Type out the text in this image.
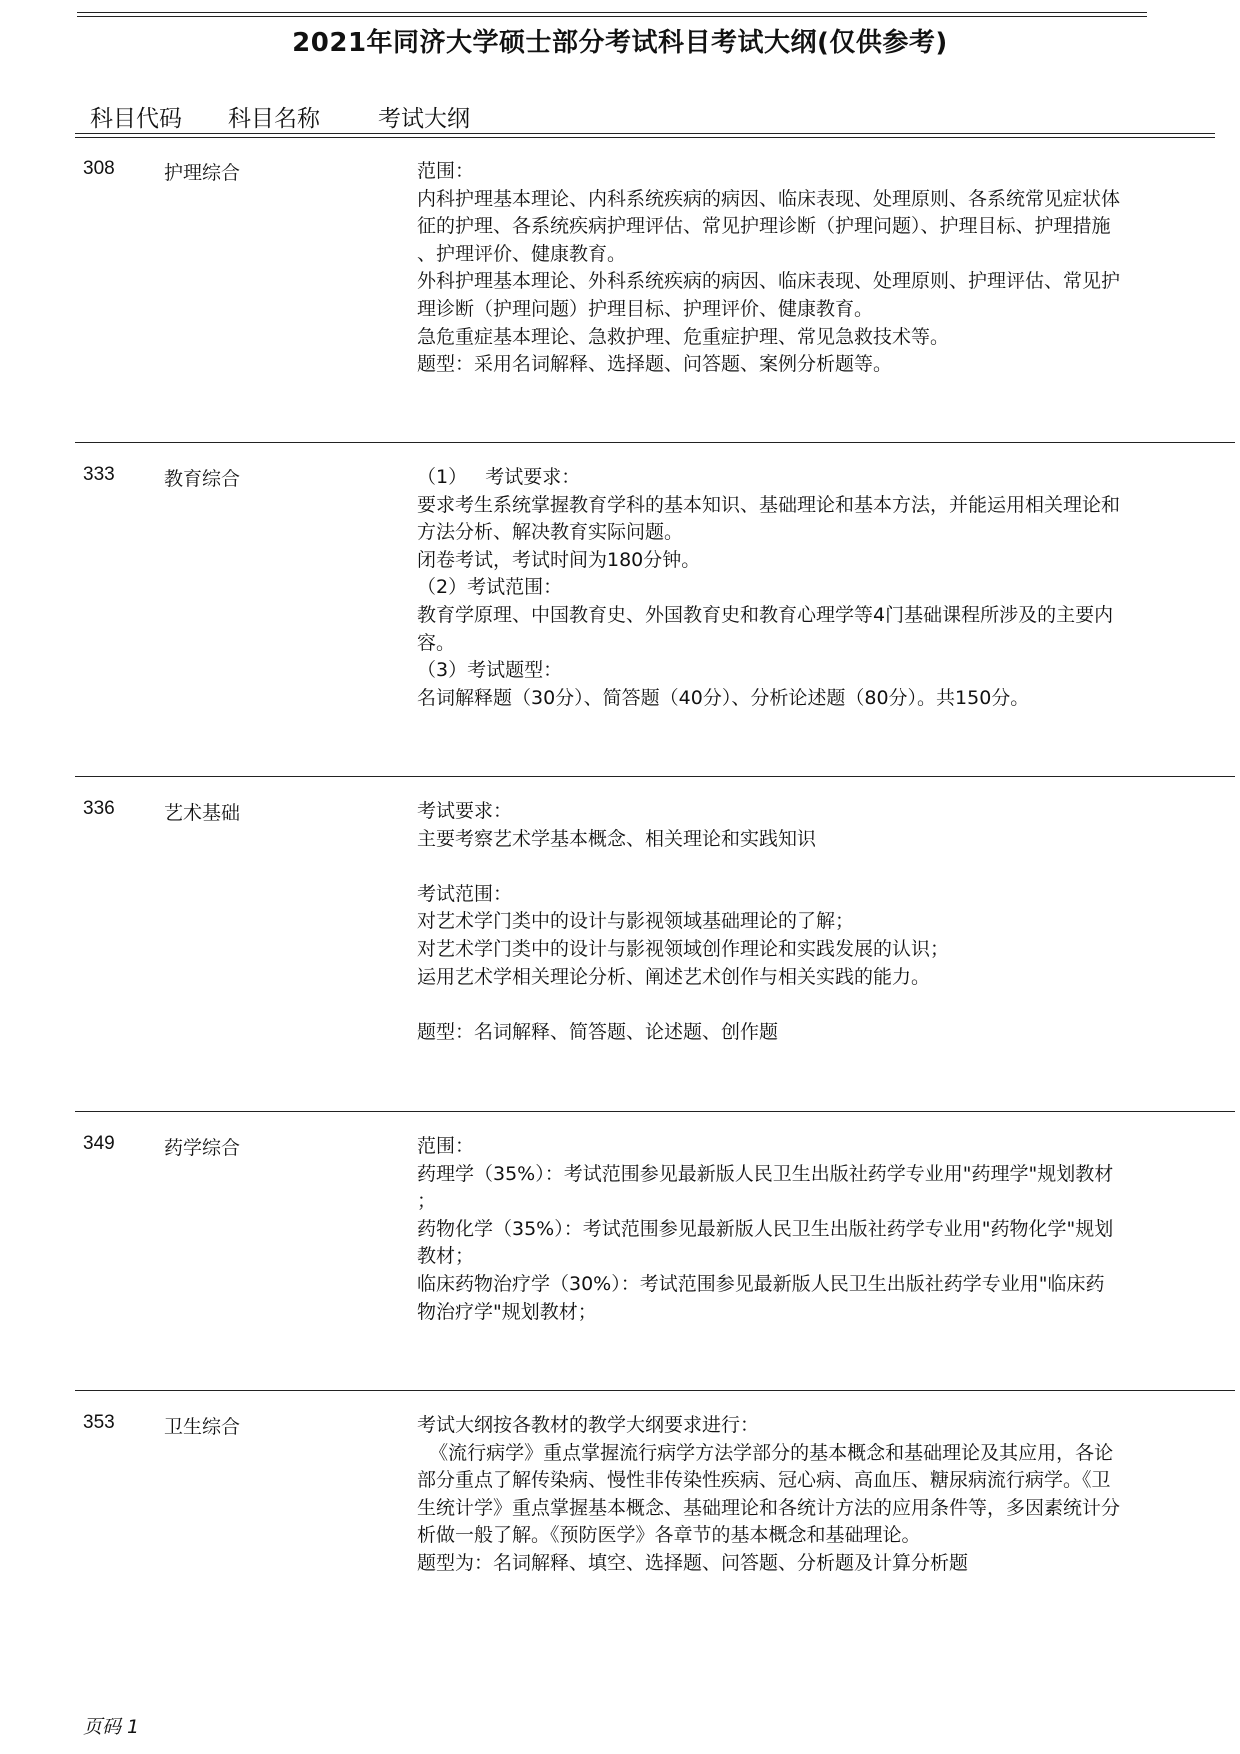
2021年同济大学硕士部分考试科目考试大纲(仅供参考)
科目代码 科目名称	考试大纲
308	护理综合	范围：
内科护理基本理论、内科系统疾病的病因、临床表现、处理原则、各系统常见症状体
征的护理、各系统疾病护理评估、常见护理诊断（护理问题）、护理目标、护理措施
、护理评价、健康教育。
外科护理基本理论、外科系统疾病的病因、临床表现、处理原则、护理评估、常见护
理诊断（护理问题）护理目标、护理评价、健康教育。
急危重症基本理论、急救护理、危重症护理、常见急救技术等。
题型：采用名词解释、选择题、问答题、案例分析题等。
333	教育综合	（1）   考试要求：
要求考生系统掌握教育学科的基本知识、基础理论和基本方法，并能运用相关理论和
方法分析、解决教育实际问题。
闭卷考试，考试时间为180分钟。
（2）考试范围：
教育学原理、中国教育史、外国教育史和教育心理学等4门基础课程所涉及的主要内
容。
（3）考试题型：
名词解释题（30分）、简答题（40分）、分析论述题（80分）。共150分。
336	艺术基础	考试要求：
主要考察艺术学基本概念、相关理论和实践知识
考试范围：
对艺术学门类中的设计与影视领域基础理论的了解；
对艺术学门类中的设计与影视领域创作理论和实践发展的认识；
运用艺术学相关理论分析、阐述艺术创作与相关实践的能力。
题型：名词解释、简答题、论述题、创作题
349	药学综合	范围：
药理学（35%）：考试范围参见最新版人民卫生出版社药学专业用"药理学"规划教材
；
药物化学（35%）：考试范围参见最新版人民卫生出版社药学专业用"药物化学"规划
教材；
临床药物治疗学（30%）：考试范围参见最新版人民卫生出版社药学专业用"临床药
物治疗学"规划教材；
353	卫生综合	考试大纲按各教材的教学大纲要求进行：
《流行病学》重点掌握流行病学方法学部分的基本概念和基础理论及其应用，各论
部分重点了解传染病、慢性非传染性疾病、冠心病、高血压、糖尿病流行病学。《卫
生统计学》重点掌握基本概念、基础理论和各统计方法的应用条件等，多因素统计分
析做一般了解。《预防医学》各章节的基本概念和基础理论。
题型为：名词解释、填空、选择题、问答题、分析题及计算分析题
页码 1
